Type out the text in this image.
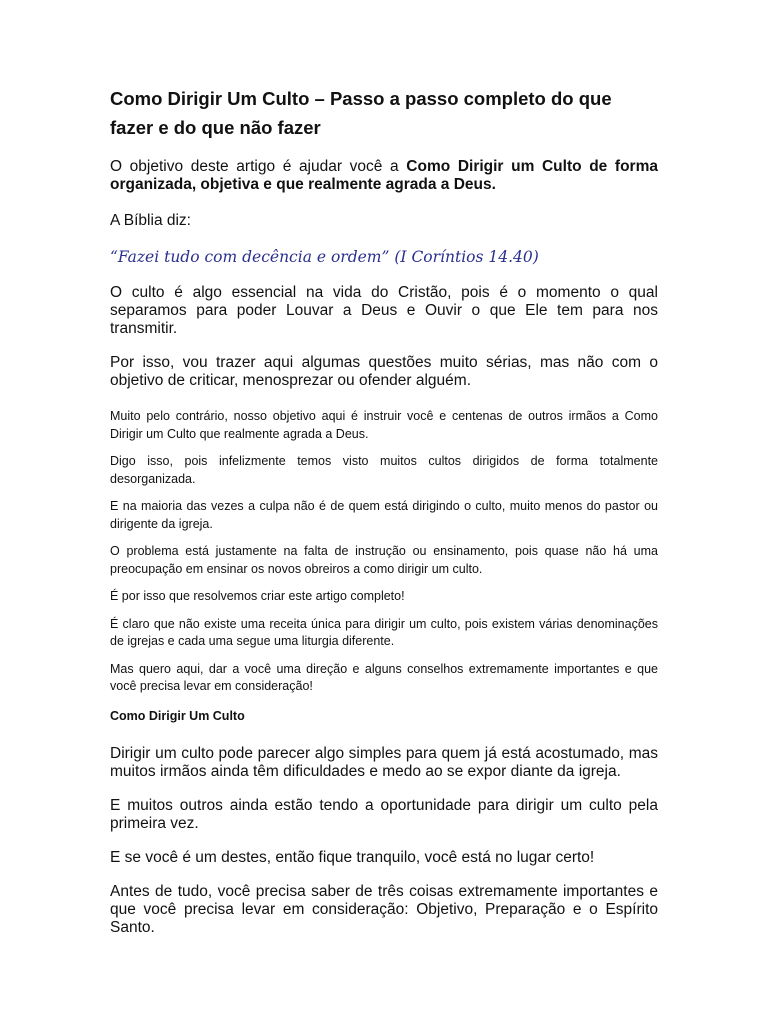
Como Dirigir Um Culto – Passo a passo completo do que fazer e do que não fazer

O objetivo deste artigo é ajudar você a Como Dirigir um Culto de forma organizada, objetiva e que realmente agrada a Deus.

A Bíblia diz:

“Fazei tudo com decência e ordem” (I Coríntios 14.40)

O culto é algo essencial na vida do Cristão, pois é o momento o qual separamos para poder Louvar a Deus e Ouvir o que Ele tem para nos transmitir.

Por isso, vou trazer aqui algumas questões muito sérias, mas não com o objetivo de criticar, menosprezar ou ofender alguém.

Muito pelo contrário, nosso objetivo aqui é instruir você e centenas de outros irmãos a Como Dirigir um Culto que realmente agrada a Deus.

Digo isso, pois infelizmente temos visto muitos cultos dirigidos de forma totalmente desorganizada.

E na maioria das vezes a culpa não é de quem está dirigindo o culto, muito menos do pastor ou dirigente da igreja.

O problema está justamente na falta de instrução ou ensinamento, pois quase não há uma preocupação em ensinar os novos obreiros a como dirigir um culto.

É por isso que resolvemos criar este artigo completo!

É claro que não existe uma receita única para dirigir um culto, pois existem várias denominações de igrejas e cada uma segue uma liturgia diferente.

Mas quero aqui, dar a você uma direção e alguns conselhos extremamente importantes e que você precisa levar em consideração!

Como Dirigir Um Culto

Dirigir um culto pode parecer algo simples para quem já está acostumado, mas muitos irmãos ainda têm dificuldades e medo ao se expor diante da igreja.

E muitos outros ainda estão tendo a oportunidade para dirigir um culto pela primeira vez.

E se você é um destes, então fique tranquilo, você está no lugar certo!

Antes de tudo, você precisa saber de três coisas extremamente importantes e que você precisa levar em consideração: Objetivo, Preparação e o Espírito Santo.
